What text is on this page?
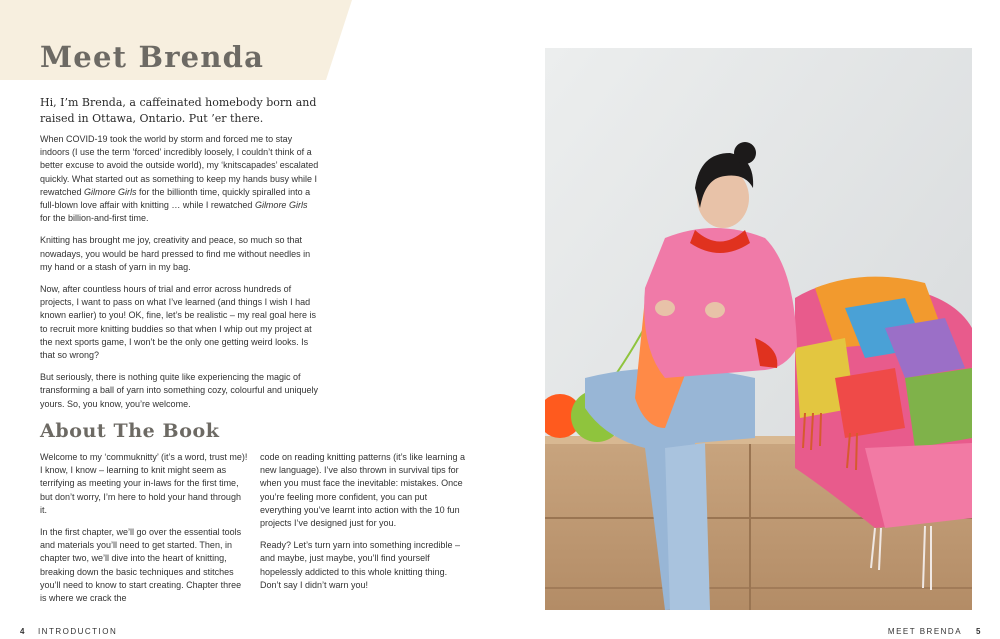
Meet Brenda
Hi, I’m Brenda, a caffeinated homebody born and
raised in Ottawa, Ontario. Put ’er there.

When COVID-19 took the world by storm and forced me to stay indoors (I use the term ‘forced’ incredibly loosely, I couldn’t think of a better excuse to avoid the outside world), my ‘knitscapades’ escalated quickly. What started out as something to keep my hands busy while I rewatched Gilmore Girls for the billionth time, quickly spiralled into a full-blown love affair with knitting … while I rewatched Gilmore Girls for the billion-and-first time.

Knitting has brought me joy, creativity and peace, so much so that nowadays, you would be hard pressed to find me without needles in my hand or a stash of yarn in my bag.

Now, after countless hours of trial and error across hundreds of projects, I want to pass on what I’ve learned (and things I wish I had known earlier) to you! OK, fine, let’s be realistic – my real goal here is to recruit more knitting buddies so that when I whip out my project at the next sports game, I won’t be the only one getting weird looks. Is that so wrong?

But seriously, there is nothing quite like experiencing the magic of transforming a ball of yarn into something cozy, colourful and uniquely yours. So, you know, you’re welcome.

About The Book

Welcome to my ‘commuknitty’ (it’s a word, trust me)! I know, I know – learning to knit might seem as terrifying as meeting your in-laws for the first time, but don’t worry, I’m here to hold your hand through it.

In the first chapter, we’ll go over the essential tools and materials you’ll need to get started. Then, in chapter two, we’ll dive into the heart of knitting, breaking down the basic techniques and stitches you’ll need to know to start creating. Chapter three is where we crack the

code on reading knitting patterns (it’s like learning a new language). I’ve also thrown in survival tips for when you must face the inevitable: mistakes. Once you’re feeling more confident, you can put everything you’ve learnt into action with the 10 fun projects I’ve designed just for you.

Ready? Let’s turn yarn into something incredible – and maybe, just maybe, you’ll find yourself hopelessly addicted to this whole knitting thing. Don’t say I didn’t warn you!

4 INTRODUCTION	MEET BRENDA 5
